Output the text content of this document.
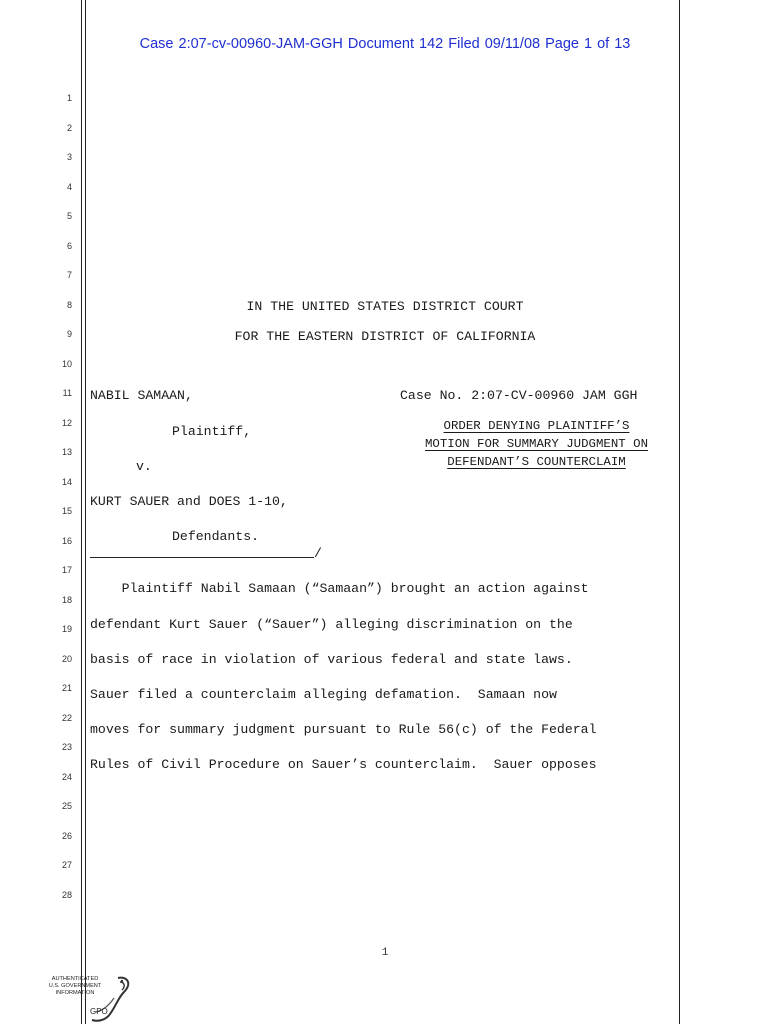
Case 2:07-cv-00960-JAM-GGH Document 142 Filed 09/11/08 Page 1 of 13
1
2
3
4
5
6
7
8
9
10
11
12
13
14
15
16
17
18
19
20
21
22
23
24
25
26
27
28
IN THE UNITED STATES DISTRICT COURT
FOR THE EASTERN DISTRICT OF CALIFORNIA
NABIL SAMAAN,	Case No. 2:07-CV-00960 JAM GGH
Plaintiff,
v.
KURT SAUER and DOES 1-10,
Defendants.
/
ORDER DENYING PLAINTIFF’S
MOTION FOR SUMMARY JUDGMENT ON
DEFENDANT’S COUNTERCLAIM
Plaintiff Nabil Samaan (“Samaan”) brought an action against
defendant Kurt Sauer (“Sauer”) alleging discrimination on the
basis of race in violation of various federal and state laws.
Sauer filed a counterclaim alleging defamation.  Samaan now
moves for summary judgment pursuant to Rule 56(c) of the Federal
Rules of Civil Procedure on Sauer’s counterclaim.  Sauer opposes
1
AUTHENTICATED
U.S. GOVERNMENT
INFORMATION
GPO
